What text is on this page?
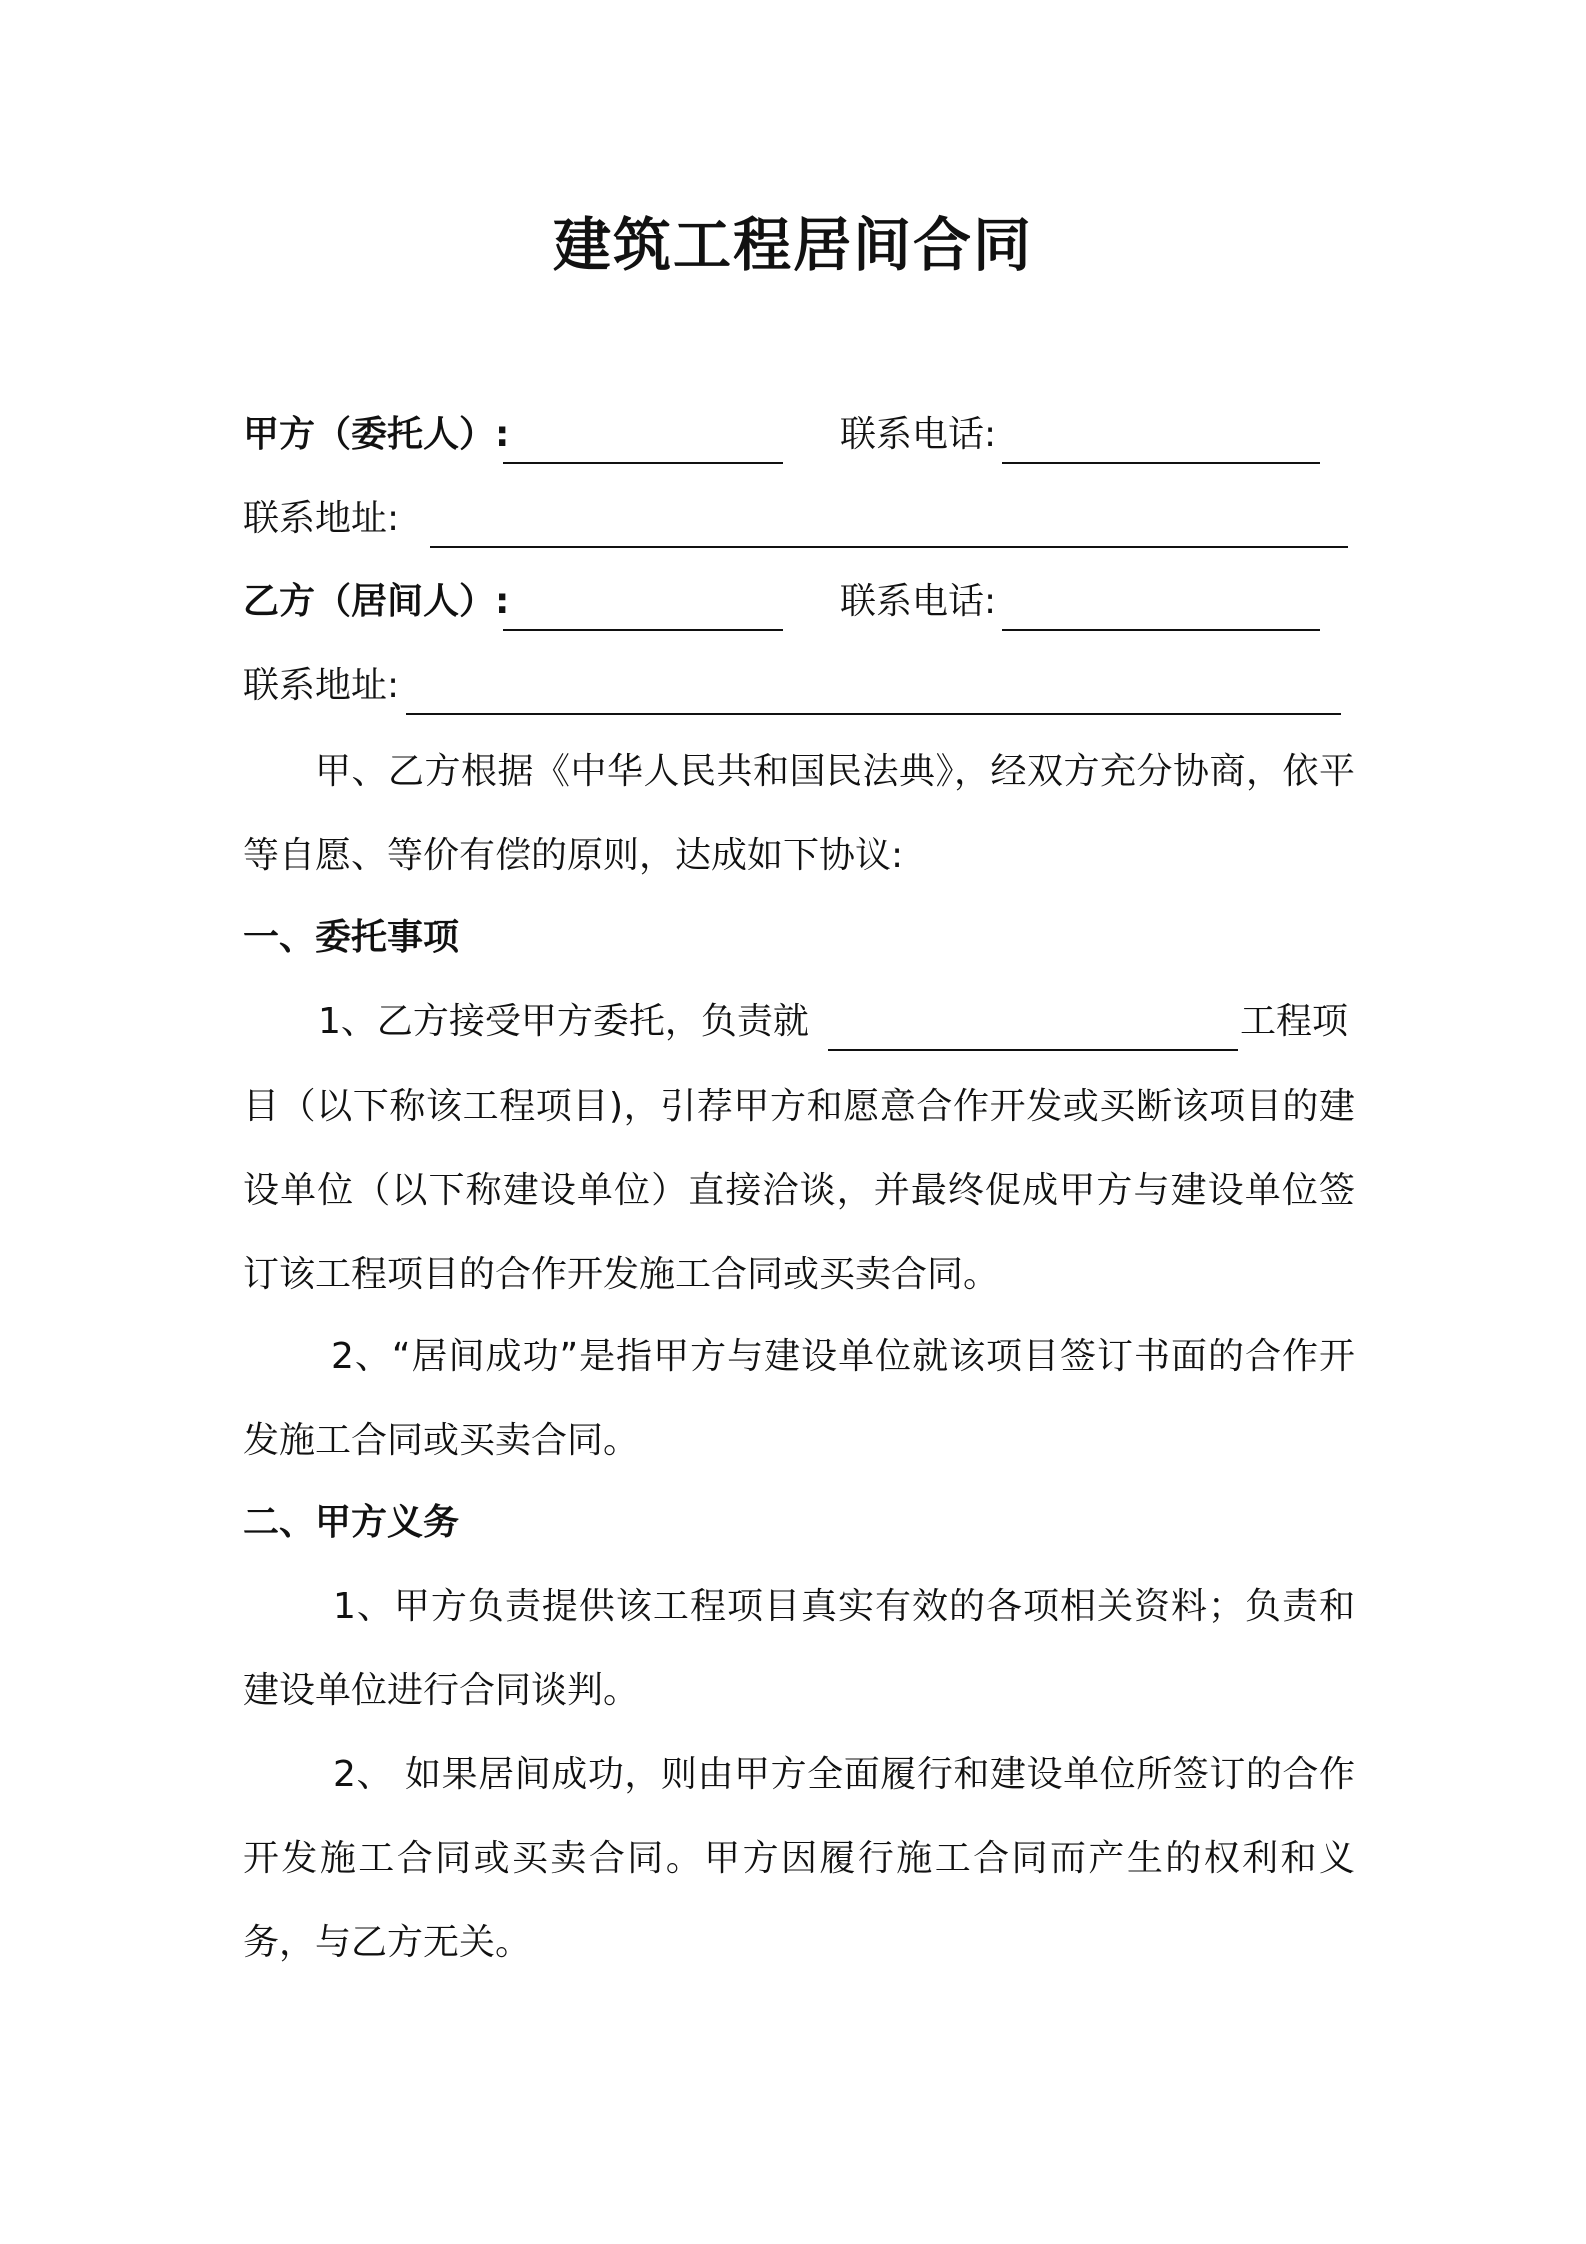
建筑工程居间合同
甲方（委托人）:	联系电话:
联系地址:
乙方（居间人）:	联系电话:
联系地址:
甲、乙方根据《中华人民共和国民法典》，经双方充分协商，依平等自愿、等价有偿的原则，达成如下协议:
一、委托事项
1、乙方接受甲方委托，负责就	工程项
目（以下称该工程项目)，引荐甲方和愿意合作开发或买断该项目的建设单位（以下称建设单位）直接洽谈，并最终促成甲方与建设单位签订该工程项目的合作开发施工合同或买卖合同。
2、“居间成功”是指甲方与建设单位就该项目签订书面的合作开发施工合同或买卖合同。
二、甲方义务
1、甲方负责提供该工程项目真实有效的各项相关资料；负责和建设单位进行合同谈判。
2、 如果居间成功，则由甲方全面履行和建设单位所签订的合作开发施工合同或买卖合同。甲方因履行施工合同而产生的权利和义务，与乙方无关。
